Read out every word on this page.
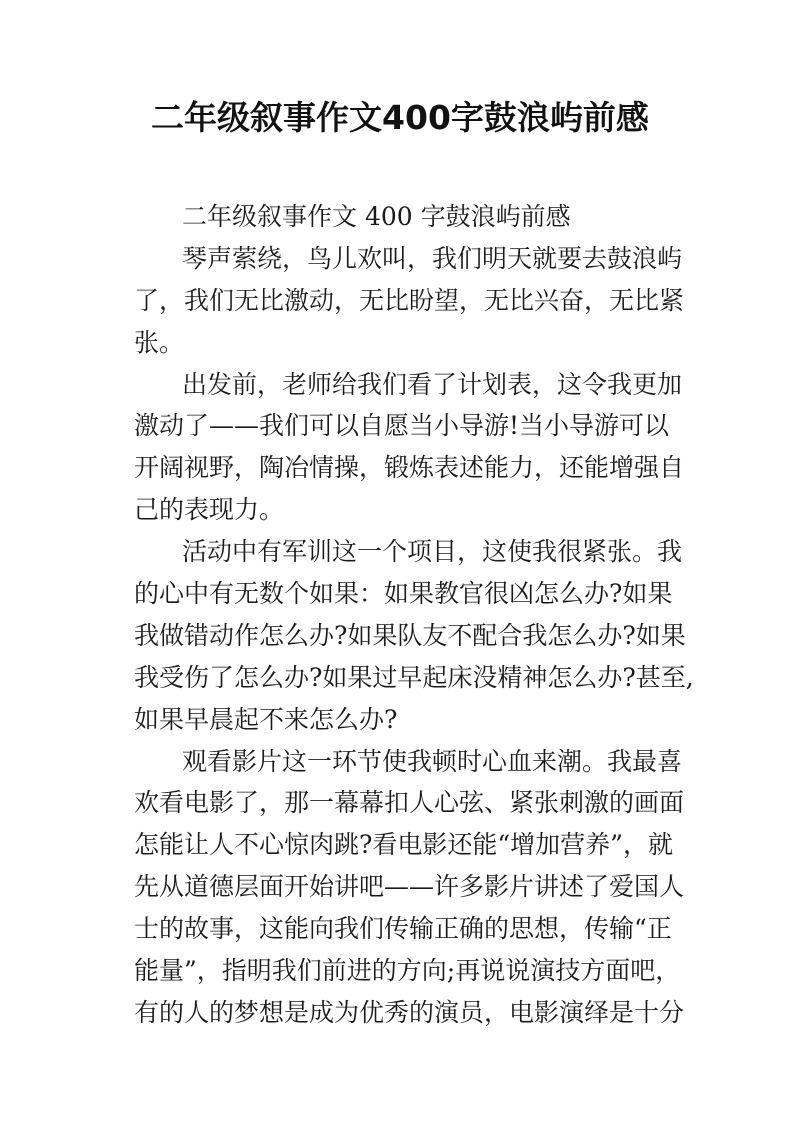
二年级叙事作文400字鼓浪屿前感
二年级叙事作文 400 字鼓浪屿前感
琴声萦绕，鸟儿欢叫，我们明天就要去鼓浪屿
了，我们无比激动，无比盼望，无比兴奋，无比紧
张。
出发前，老师给我们看了计划表，这令我更加
激动了——我们可以自愿当小导游!当小导游可以
开阔视野，陶冶情操，锻炼表述能力，还能增强自
己的表现力。
活动中有军训这一个项目，这使我很紧张。我
的心中有无数个如果：如果教官很凶怎么办?如果
我做错动作怎么办?如果队友不配合我怎么办?如果
我受伤了怎么办?如果过早起床没精神怎么办?甚至,
如果早晨起不来怎么办?
观看影片这一环节使我顿时心血来潮。我最喜
欢看电影了，那一幕幕扣人心弦、紧张刺激的画面
怎能让人不心惊肉跳?看电影还能“增加营养”，就
先从道德层面开始讲吧——许多影片讲述了爱国人
士的故事，这能向我们传输正确的思想，传输“正
能量”，指明我们前进的方向;再说说演技方面吧，
有的人的梦想是成为优秀的演员，电影演绎是十分
